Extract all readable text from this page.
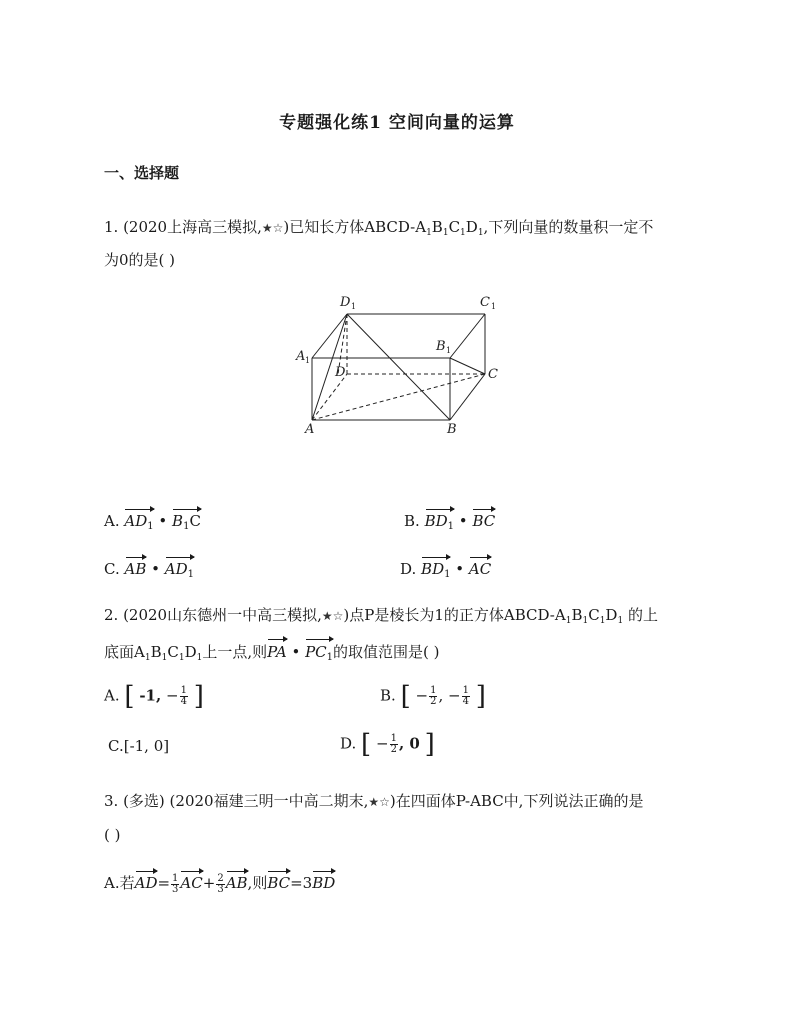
专题强化练1 空间向量的运算
一、选择题
1. (2020上海高三模拟,★☆)已知长方体ABCD-$A_1B_1C_1D_1$,下列向量的数量积一定不
为0的是( )
D 1	C 1
A 1
B 1
D	C
A	B
A. $AD_1$ • $B_1C$	B. $BD_1$ • BC
C. AB • $AD_1$	D. $BD_1$ • AC
2. (2020山东德州一中高三模拟,★☆)点P是棱长为1的正方体ABCD-$A_1B_1C_1D_1$ 的上
底面$A_1B_1C_1D_1$上一点,则PA • $PC_1$的取值范围是( )
A. [ -1, − $\frac{1}{4}$ ]	B. [ − $\frac{1}{2}$ , − $\frac{1}{4}$ ]
C.[-1, 0]	D. [ − $\frac{1}{2}$ , 0 ]
3. (多选) (2020福建三明一中高二期末,★☆)在四面体P-ABC中,下列说法正确的是
( )
A.若$AD= \frac{1}{3} AC+ \frac{2}{3}$ AB,则BC=3BD
